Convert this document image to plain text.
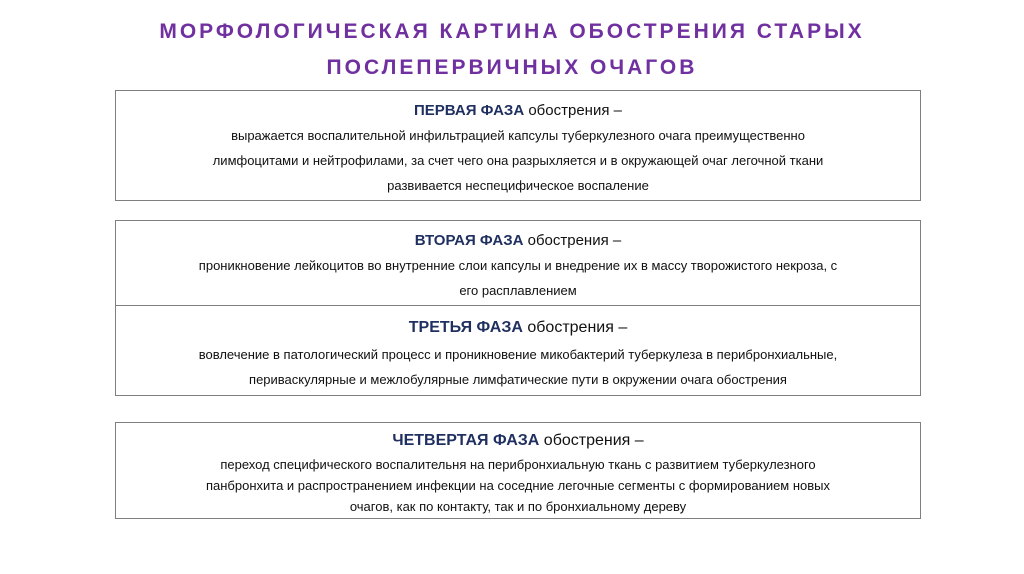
МОРФОЛОГИЧЕСКАЯ КАРТИНА ОБОСТРЕНИЯ СТАРЫХ
ПОСЛЕПЕРВИЧНЫХ ОЧАГОВ

ПЕРВАЯ ФАЗА обострения –

выражается воспалительной инфильтрацией капсулы туберкулезного очага преимущественно

лимфоцитами и нейтрофилами, за счет чего она разрыхляется и в окружающей очаг легочной ткани

развивается неспецифическое воспаление

ВТОРАЯ ФАЗА обострения –

проникновение лейкоцитов во внутренние слои капсулы и внедрение их в массу творожистого некроза, с

его расплавлением

ТРЕТЬЯ ФАЗА обострения –

вовлечение в патологический процесс и проникновение микобактерий туберкулеза в перибронхиальные,

периваскулярные и межлобулярные лимфатические пути в окружении очага обострения

ЧЕТВЕРТАЯ ФАЗА обострения –

переход специфического воспалительня на перибронхиальную ткань с развитием туберкулезного

панбронхита и распространением инфекции на соседние легочные сегменты с формированием новых

очагов, как по контакту, так и по бронхиальному дереву
